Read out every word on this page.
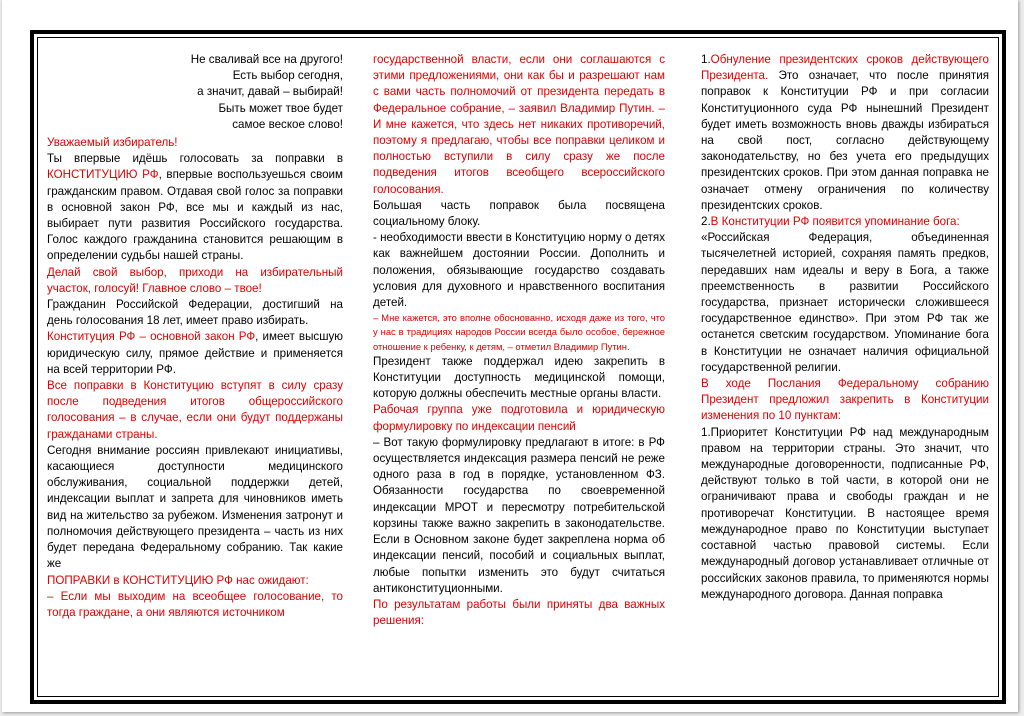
Не сваливай все на другого!

Есть выбор сегодня,

а значит, давай – выбирай!

Быть может твое будет

самое веское слово!

Уважаемый избиратель!

Ты впервые идёшь голосовать за поправки в КОНСТИТУЦИЮ РФ, впервые воспользуешься своим гражданским правом. Отдавая свой голос за поправки в основной закон РФ, все мы и каждый из нас, выбирает пути развития Российского государства. Голос каждого гражданина становится решающим в определении судьбы нашей страны.

Делай свой выбор, приходи на избирательный участок, голосуй! Главное слово – твое!

Гражданин Российской Федерации, достигший на день голосования 18 лет, имеет право избирать.

Конституция РФ – основной закон РФ, имеет высшую юридическую силу, прямое действие и применяется на всей территории РФ.

Все поправки в Конституцию вступят в силу сразу после подведения итогов общероссийского голосования – в случае, если они будут поддержаны гражданами страны.

Сегодня внимание россиян привлекают инициативы, касающиеся доступности медицинского обслуживания, социальной поддержки детей, индексации выплат и запрета для чиновников иметь вид на жительство за рубежом. Изменения затронут и полномочия действующего президента – часть из них будет передана Федеральному собранию. Так какие же

ПОПРАВКИ в КОНСТИТУЦИЮ РФ нас ожидают:

– Если мы выходим на всеобщее голосование, то тогда граждане, а они являются источником

государственной власти, если они соглашаются с этими предложениями, они как бы и разрешают нам с вами часть полномочий от президента передать в Федеральное собрание, – заявил Владимир Путин. – И мне кажется, что здесь нет никаких противоречий, поэтому я предлагаю, чтобы все поправки целиком и полностью вступили в силу сразу же после подведения итогов всеобщего всероссийского голосования.

Большая часть поправок была посвящена социальному блоку.

- необходимости ввести в Конституцию норму о детях как важнейшем достоянии России. Дополнить и положения, обязывающие государство создавать условия для духовного и нравственного воспитания детей.

– Мне кажется, это вполне обоснованно, исходя даже из того, что у нас в традициях народов России всегда было особое, бережное отношение к ребенку, к детям, – отметил Владимир Путин.

Президент также поддержал идею закрепить в Конституции доступность медицинской помощи, которую должны обеспечить местные органы власти.

Рабочая группа уже подготовила и юридическую формулировку по индексации пенсий

– Вот такую формулировку предлагают в итоге: в РФ осуществляется индексация размера пенсий не реже одного раза в год в порядке, установленном ФЗ. Обязанности государства по своевременной индексации МРОТ и пересмотру потребительской корзины также важно закрепить в законодательстве. Если в Основном законе будет закреплена норма об индексации пенсий, пособий и социальных выплат, любые попытки изменить это будут считаться антиконституционными.

По результатам работы были приняты два важных решения:

1.Обнуление президентских сроков действующего Президента. Это означает, что после принятия поправок к Конституции РФ и при согласии Конституционного суда РФ нынешний Президент будет иметь возможность вновь дважды избираться на свой пост, согласно действующему законодательству, но без учета его предыдущих президентских сроков. При этом данная поправка не означает отмену ограничения по количеству президентских сроков.

2.В Конституции РФ появится упоминание бога:

«Российская Федерация, объединенная тысячелетней историей, сохраняя память предков, передавших нам идеалы и веру в Бога, а также преемственность в развитии Российского государства, признает исторически сложившееся государственное единство». При этом РФ так же останется светским государством. Упоминание бога в Конституции не означает наличия официальной государственной религии.

В ходе Послания Федеральному собранию Президент предложил закрепить в Конституции изменения по 10 пунктам:

1.Приоритет Конституции РФ над международным правом на территории страны. Это значит, что международные договоренности, подписанные РФ, действуют только в той части, в которой они не ограничивают права и свободы граждан и не противоречат Конституции. В настоящее время международное право по Конституции выступает составной частью правовой системы. Если международный договор устанавливает отличные от российских законов правила, то применяются нормы международного договора. Данная поправка
